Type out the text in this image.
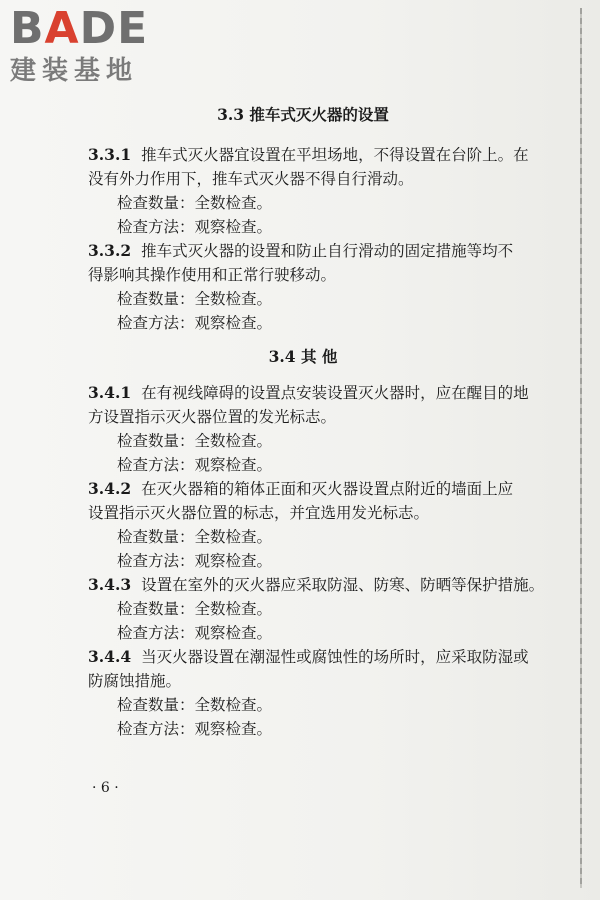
BADE
建装基地
3.3 推车式灭火器的设置
3.3.1 推车式灭火器宜设置在平坦场地，不得设置在台阶上。在
没有外力作用下，推车式灭火器不得自行滑动。
检查数量：全数检查。
检查方法：观察检查。
3.3.2 推车式灭火器的设置和防止自行滑动的固定措施等均不
得影响其操作使用和正常行驶移动。
检查数量：全数检查。
检查方法：观察检查。
3.4 其 他
3.4.1 在有视线障碍的设置点安装设置灭火器时，应在醒目的地
方设置指示灭火器位置的发光标志。
检查数量：全数检查。
检查方法：观察检查。
3.4.2 在灭火器箱的箱体正面和灭火器设置点附近的墙面上应
设置指示灭火器位置的标志，并宜选用发光标志。
检查数量：全数检查。
检查方法：观察检查。
3.4.3 设置在室外的灭火器应采取防湿、防寒、防晒等保护措施。
检查数量：全数检查。
检查方法：观察检查。
3.4.4 当灭火器设置在潮湿性或腐蚀性的场所时，应采取防湿或
防腐蚀措施。
检查数量：全数检查。
检查方法：观察检查。
· 6 ·
